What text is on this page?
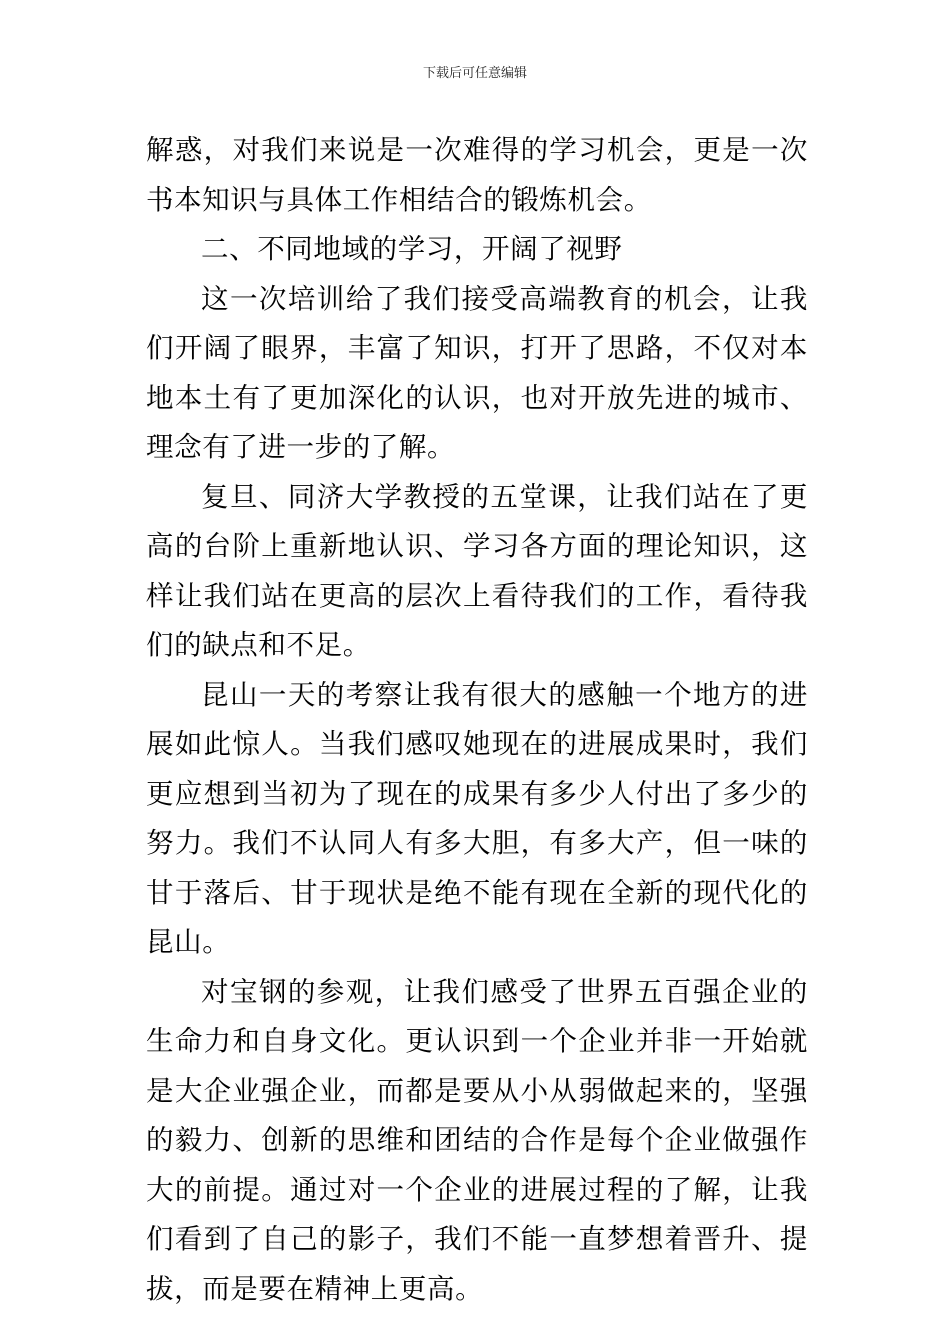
下载后可任意编辑

解惑，对我们来说是一次难得的学习机会，更是一次书本知识与具体工作相结合的锻炼机会。

二、不同地域的学习，开阔了视野

这一次培训给了我们接受高端教育的机会，让我们开阔了眼界，丰富了知识，打开了思路，不仅对本地本土有了更加深化的认识，也对开放先进的城市、理念有了进一步的了解。

复旦、同济大学教授的五堂课，让我们站在了更高的台阶上重新地认识、学习各方面的理论知识，这样让我们站在更高的层次上看待我们的工作，看待我们的缺点和不足。

昆山一天的考察让我有很大的感触一个地方的进展如此惊人。当我们感叹她现在的进展成果时，我们更应想到当初为了现在的成果有多少人付出了多少的努力。我们不认同人有多大胆，有多大产，但一味的甘于落后、甘于现状是绝不能有现在全新的现代化的昆山。

对宝钢的参观，让我们感受了世界五百强企业的生命力和自身文化。更认识到一个企业并非一开始就是大企业强企业，而都是要从小从弱做起来的，坚强的毅力、创新的思维和团结的合作是每个企业做强作大的前提。通过对一个企业的进展过程的了解，让我们看到了自己的影子，我们不能一直梦想着晋升、提拔，而是要在精神上更高。
